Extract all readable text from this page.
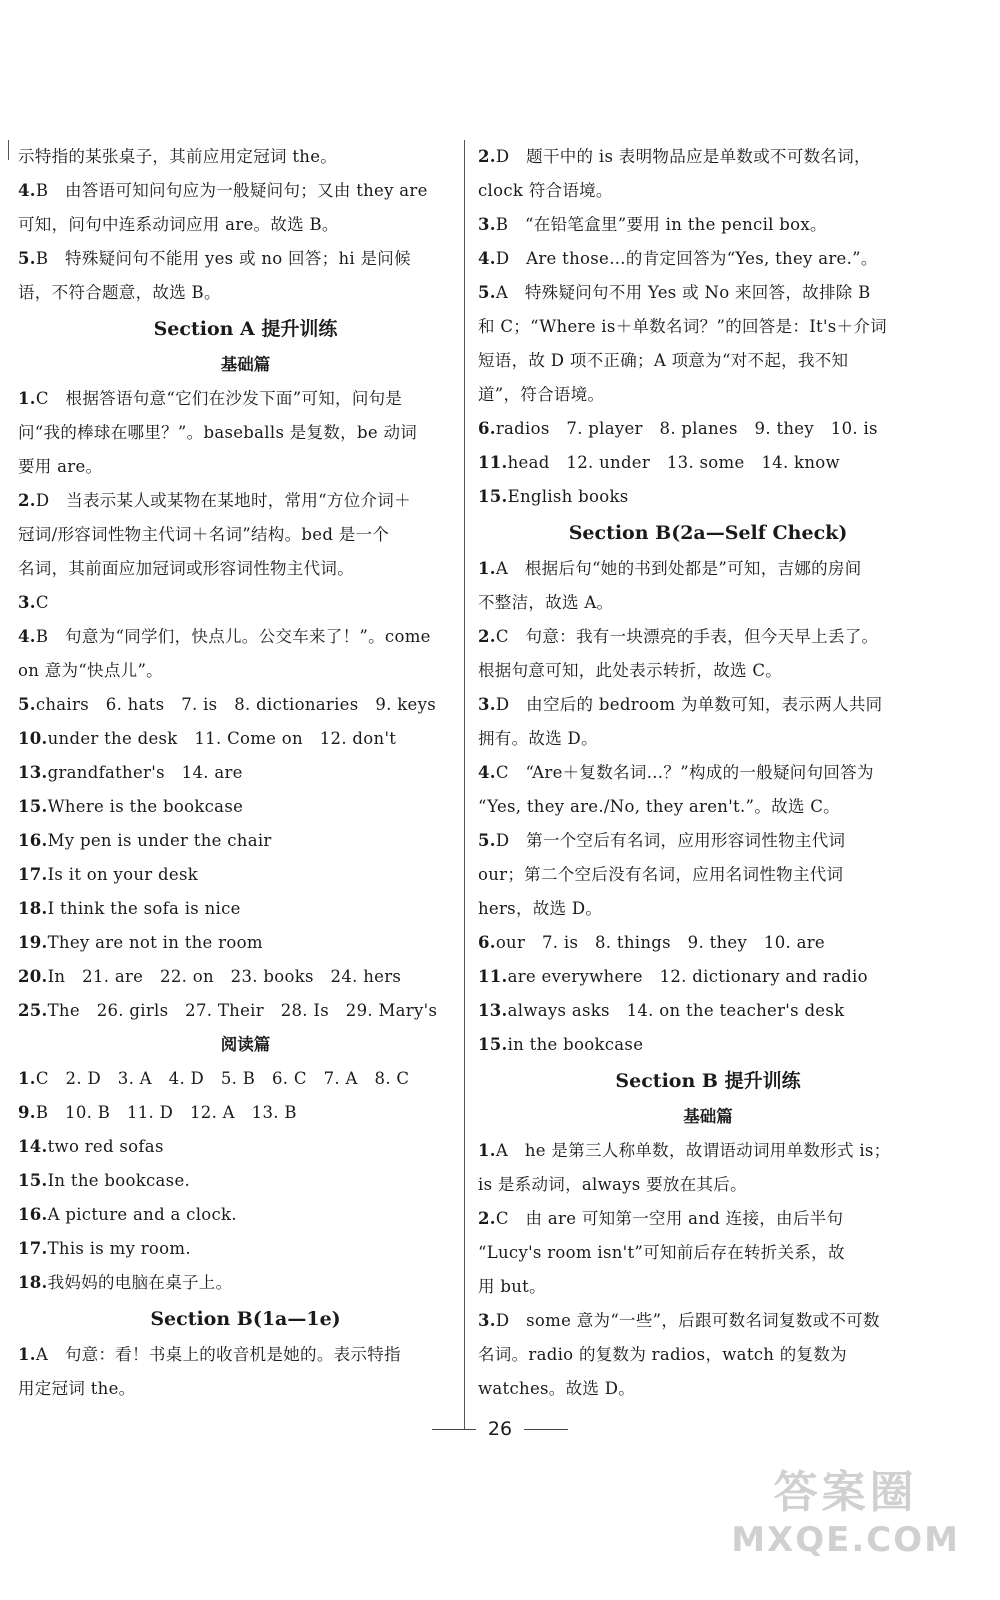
示特指的某张桌子，其前应用定冠词 the。
4.B　由答语可知问句应为一般疑问句；又由 they are
可知，问句中连系动词应用 are。故选 B。
5.B　特殊疑问句不能用 yes 或 no 回答；hi 是问候
语，不符合题意，故选 B。
Section A 提升训练
基础篇
1.C　根据答语句意“它们在沙发下面”可知，问句是
问“我的棒球在哪里？”。baseballs 是复数，be 动词
要用 are。
2.D　当表示某人或某物在某地时，常用“方位介词＋
冠词/形容词性物主代词＋名词”结构。bed 是一个
名词，其前面应加冠词或形容词性物主代词。
3.C
4.B　句意为“同学们，快点儿。公交车来了！”。come
on 意为“快点儿”。
5.chairs　6. hats　7. is　8. dictionaries　9. keys
10.under the desk　11. Come on　12. don't
13.grandfather's　14. are
15.Where is the bookcase
16.My pen is under the chair
17.Is it on your desk
18.I think the sofa is nice
19.They are not in the room
20.In　21. are　22. on　23. books　24. hers
25.The　26. girls　27. Their　28. Is　29. Mary's
阅读篇
1.C　2. D　3. A　4. D　5. B　6. C　7. A　8. C
9.B　10. B　11. D　12. A　13. B
14.two red sofas
15.In the bookcase.
16.A picture and a clock.
17.This is my room.
18.我妈妈的电脑在桌子上。
Section B(1a—1e)
1.A　句意：看！书桌上的收音机是她的。表示特指
用定冠词 the。
2.D　题干中的 is 表明物品应是单数或不可数名词，
clock 符合语境。
3.B　“在铅笔盒里”要用 in the pencil box。
4.D　Are those…的肯定回答为“Yes, they are.”。
5.A　特殊疑问句不用 Yes 或 No 来回答，故排除 B
和 C；“Where is＋单数名词？”的回答是：It's＋介词
短语，故 D 项不正确；A 项意为“对不起，我不知
道”，符合语境。
6.radios　7. player　8. planes　9. they　10. is
11.head　12. under　13. some　14. know
15.English books
Section B(2a—Self Check)
1.A　根据后句“她的书到处都是”可知，吉娜的房间
不整洁，故选 A。
2.C　句意：我有一块漂亮的手表，但今天早上丢了。
根据句意可知，此处表示转折，故选 C。
3.D　由空后的 bedroom 为单数可知，表示两人共同
拥有。故选 D。
4.C　“Are＋复数名词…？”构成的一般疑问句回答为
“Yes, they are./No, they aren't.”。故选 C。
5.D　第一个空后有名词，应用形容词性物主代词
our；第二个空后没有名词，应用名词性物主代词
hers，故选 D。
6.our　7. is　8. things　9. they　10. are
11.are everywhere　12. dictionary and radio
13.always asks　14. on the teacher's desk
15.in the bookcase
Section B 提升训练
基础篇
1.A　he 是第三人称单数，故谓语动词用单数形式 is；
is 是系动词，always 要放在其后。
2.C　由 are 可知第一空用 and 连接，由后半句
“Lucy's room isn't”可知前后存在转折关系，故
用 but。
3.D　some 意为“一些”，后跟可数名词复数或不可数
名词。radio 的复数为 radios，watch 的复数为
watches。故选 D。
26
答案圈
MXQE.COM
